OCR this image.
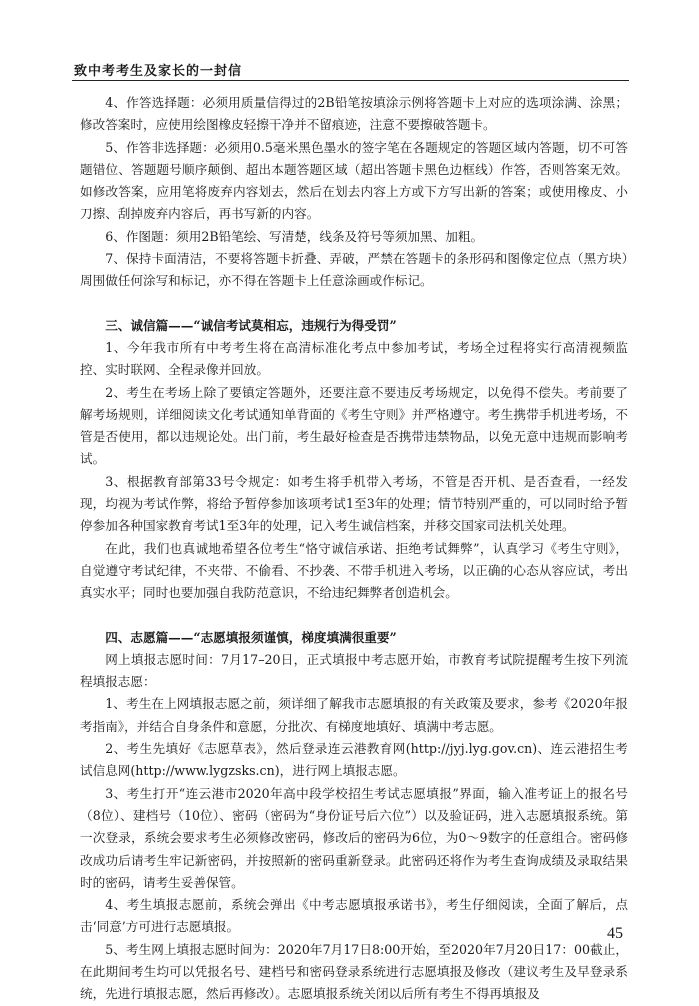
致中考考生及家长的一封信

4、作答选择题：必须用质量信得过的2B铅笔按填涂示例将答题卡上对应的选项涂满、涂黑；修改答案时，应使用绘图橡皮轻擦干净并不留痕迹，注意不要擦破答题卡。

5、作答非选择题：必须用0.5毫米黑色墨水的签字笔在各题规定的答题区域内答题，切不可答题错位、答题题号顺序颠倒、超出本题答题区域（超出答题卡黑色边框线）作答，否则答案无效。如修改答案，应用笔将废弃内容划去，然后在划去内容上方或下方写出新的答案；或使用橡皮、小刀擦、刮掉废弃内容后，再书写新的内容。

6、作图题：须用2B铅笔绘、写清楚，线条及符号等须加黑、加粗。

7、保持卡面清洁，不要将答题卡折叠、弄破，严禁在答题卡的条形码和图像定位点（黑方块）周围做任何涂写和标记，亦不得在答题卡上任意涂画或作标记。

三、诚信篇——“诚信考试莫相忘，违规行为得受罚”

1、今年我市所有中考考生将在高清标准化考点中参加考试，考场全过程将实行高清视频监控、实时联网、全程录像并回放。

2、考生在考场上除了要镇定答题外，还要注意不要违反考场规定，以免得不偿失。考前要了解考场规则，详细阅读文化考试通知单背面的《考生守则》并严格遵守。考生携带手机进考场，不管是否使用，都以违规论处。出门前，考生最好检查是否携带违禁物品，以免无意中违规而影响考试。

3、根据教育部第33号令规定：如考生将手机带入考场，不管是否开机、是否查看，一经发现，均视为考试作弊，将给予暂停参加该项考试1至3年的处理；情节特别严重的，可以同时给予暂停参加各种国家教育考试1至3年的处理，记入考生诚信档案，并移交国家司法机关处理。

在此，我们也真诚地希望各位考生“恪守诚信承诺、拒绝考试舞弊”，认真学习《考生守则》，自觉遵守考试纪律，不夹带、不偷看、不抄袭、不带手机进入考场，以正确的心态从容应试，考出真实水平；同时也要加强自我防范意识，不给违纪舞弊者创造机会。

四、志愿篇——“志愿填报须谨慎，梯度填满很重要”

网上填报志愿时间：7月17–20日，正式填报中考志愿开始，市教育考试院提醒考生按下列流程填报志愿：

1、考生在上网填报志愿之前，须详细了解我市志愿填报的有关政策及要求，参考《2020年报考指南》，并结合自身条件和意愿，分批次、有梯度地填好、填满中考志愿。

2、考生先填好《志愿草表》，然后登录连云港教育网(http://jyj.lyg.gov.cn)、连云港招生考试信息网(http://www.lygzsks.cn)，进行网上填报志愿。

3、考生打开“连云港市2020年高中段学校招生考试志愿填报”界面，输入准考证上的报名号（8位）、建档号（10位）、密码（密码为“身份证号后六位”）以及验证码，进入志愿填报系统。第一次登录，系统会要求考生必须修改密码，修改后的密码为6位，为0～9数字的任意组合。密码修改成功后请考生牢记新密码，并按照新的密码重新登录。此密码还将作为考生查询成绩及录取结果时的密码，请考生妥善保管。

4、考生填报志愿前，系统会弹出《中考志愿填报承诺书》，考生仔细阅读，全面了解后，点击‘同意’方可进行志愿填报。

5、考生网上填报志愿时间为：2020年7月17日8:00开始，至2020年7月20日17：00截止，在此期间考生均可以凭报名号、建档号和密码登录系统进行志愿填报及修改（建议考生及早登录系统，先进行填报志愿，然后再修改）。志愿填报系统关闭以后所有考生不得再填报及

45
